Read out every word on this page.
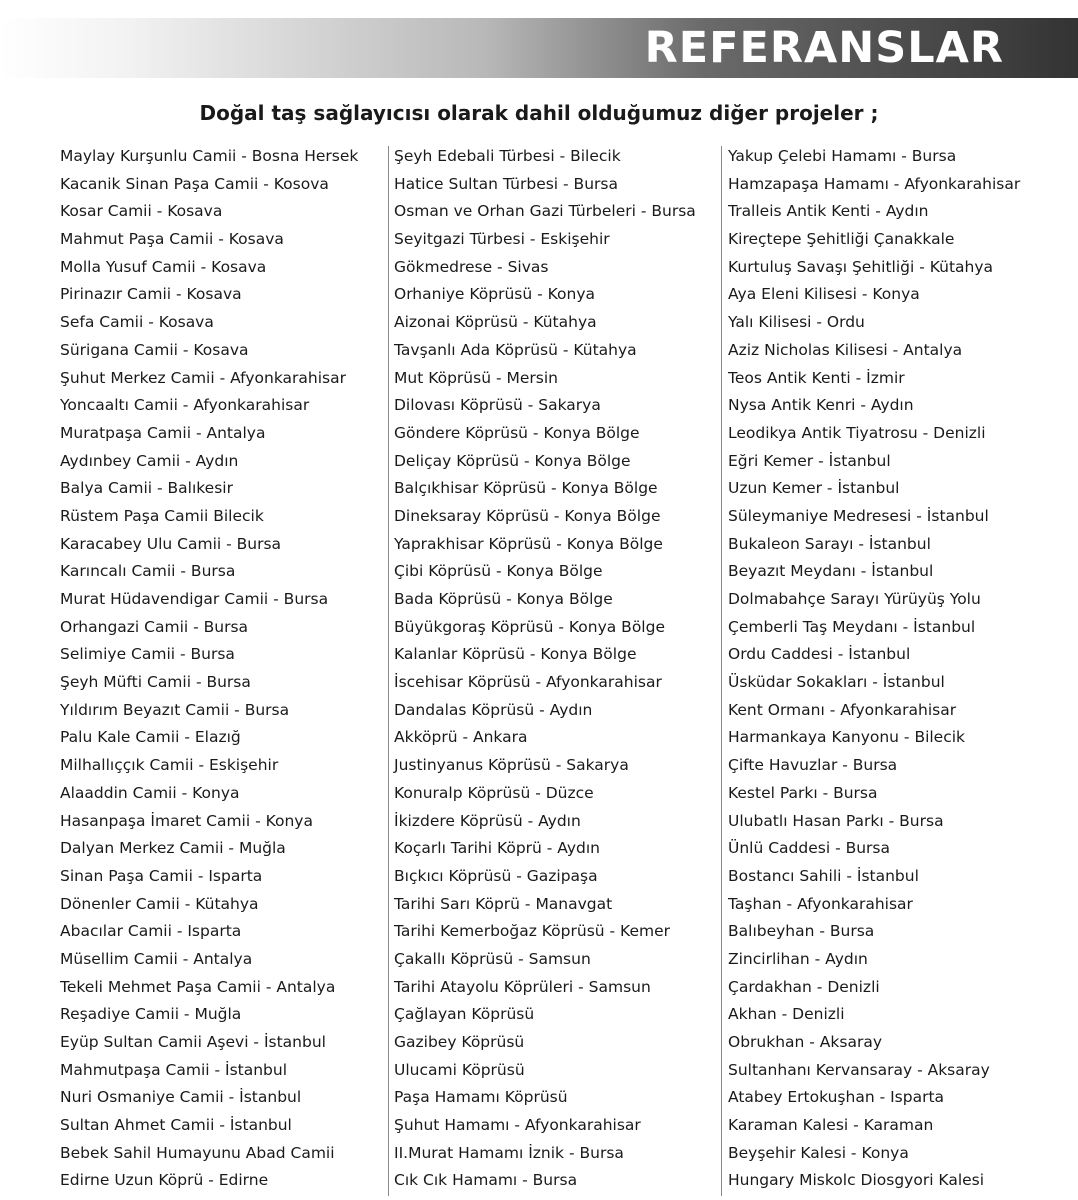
REFERANSLAR
Doğal taş sağlayıcısı olarak dahil olduğumuz diğer projeler ;
Maylay Kurşunlu Camii - Bosna Hersek
Kacanik Sinan Paşa Camii - Kosova
Kosar Camii - Kosava
Mahmut Paşa Camii - Kosava
Molla Yusuf Camii - Kosava
Pirinazır Camii - Kosava
Sefa Camii - Kosava
Sürigana Camii - Kosava
Şuhut Merkez Camii - Afyonkarahisar
Yoncaaltı Camii - Afyonkarahisar
Muratpaşa Camii - Antalya
Aydınbey Camii - Aydın
Balya Camii - Balıkesir
Rüstem Paşa Camii Bilecik
Karacabey Ulu Camii - Bursa
Karıncalı Camii - Bursa
Murat Hüdavendigar Camii - Bursa
Orhangazi Camii - Bursa
Selimiye Camii - Bursa
Şeyh Müfti Camii - Bursa
Yıldırım Beyazıt Camii - Bursa
Palu Kale Camii - Elazığ
Milhallıççık Camii - Eskişehir
Alaaddin Camii - Konya
Hasanpaşa İmaret Camii - Konya
Dalyan Merkez Camii - Muğla
Sinan Paşa Camii - Isparta
Dönenler Camii - Kütahya
Abacılar Camii - Isparta
Müsellim Camii - Antalya
Tekeli Mehmet Paşa Camii - Antalya
Reşadiye Camii - Muğla
Eyüp Sultan Camii Aşevi - İstanbul
Mahmutpaşa Camii - İstanbul
Nuri Osmaniye Camii - İstanbul
Sultan Ahmet Camii - İstanbul
Bebek Sahil Humayunu Abad Camii
Edirne Uzun Köprü - Edirne
Şeyh Edebali Türbesi - Bilecik
Hatice Sultan Türbesi - Bursa
Osman ve Orhan Gazi Türbeleri - Bursa
Seyitgazi Türbesi - Eskişehir
Gökmedrese - Sivas
Orhaniye Köprüsü - Konya
Aizonai Köprüsü - Kütahya
Tavşanlı Ada Köprüsü - Kütahya
Mut Köprüsü - Mersin
Dilovası Köprüsü - Sakarya
Göndere Köprüsü - Konya Bölge
Deliçay Köprüsü - Konya Bölge
Balçıkhisar Köprüsü - Konya Bölge
Dineksaray Köprüsü - Konya Bölge
Yaprakhisar Köprüsü - Konya Bölge
Çibi Köprüsü - Konya Bölge
Bada Köprüsü - Konya Bölge
Büyükgoraş Köprüsü - Konya Bölge
Kalanlar Köprüsü - Konya Bölge
İscehisar Köprüsü - Afyonkarahisar
Dandalas Köprüsü - Aydın
Akköprü - Ankara
Justinyanus Köprüsü - Sakarya
Konuralp Köprüsü - Düzce
İkizdere Köprüsü - Aydın
Koçarlı Tarihi Köprü - Aydın
Bıçkıcı Köprüsü - Gazipaşa
Tarihi Sarı Köprü - Manavgat
Tarihi Kemerboğaz Köprüsü - Kemer
Çakallı Köprüsü - Samsun
Tarihi Atayolu Köprüleri - Samsun
Çağlayan Köprüsü
Gazibey Köprüsü
Ulucami Köprüsü
Paşa Hamamı Köprüsü
Şuhut Hamamı - Afyonkarahisar
II.Murat Hamamı İznik - Bursa
Cık Cık Hamamı - Bursa
Yakup Çelebi Hamamı - Bursa
Hamzapaşa Hamamı - Afyonkarahisar
Tralleis Antik Kenti - Aydın
Kireçtepe Şehitliği Çanakkale
Kurtuluş Savaşı Şehitliği - Kütahya
Aya Eleni Kilisesi - Konya
Yalı Kilisesi - Ordu
Aziz Nicholas Kilisesi - Antalya
Teos Antik Kenti - İzmir
Nysa Antik Kenri - Aydın
Leodikya Antik Tiyatrosu - Denizli
Eğri Kemer - İstanbul
Uzun Kemer - İstanbul
Süleymaniye Medresesi - İstanbul
Bukaleon Sarayı - İstanbul
Beyazıt Meydanı - İstanbul
Dolmabahçe Sarayı Yürüyüş Yolu
Çemberli Taş Meydanı - İstanbul
Ordu Caddesi - İstanbul
Üsküdar Sokakları - İstanbul
Kent Ormanı - Afyonkarahisar
Harmankaya Kanyonu - Bilecik
Çifte Havuzlar - Bursa
Kestel Parkı - Bursa
Ulubatlı Hasan Parkı - Bursa
Ünlü Caddesi - Bursa
Bostancı Sahili - İstanbul
Taşhan - Afyonkarahisar
Balıbeyhan - Bursa
Zincirlihan - Aydın
Çardakhan - Denizli
Akhan - Denizli
Obrukhan - Aksaray
Sultanhanı Kervansaray - Aksaray
Atabey Ertokuşhan - Isparta
Karaman Kalesi - Karaman
Beyşehir Kalesi - Konya
Hungary Miskolc Diosgyori Kalesi
